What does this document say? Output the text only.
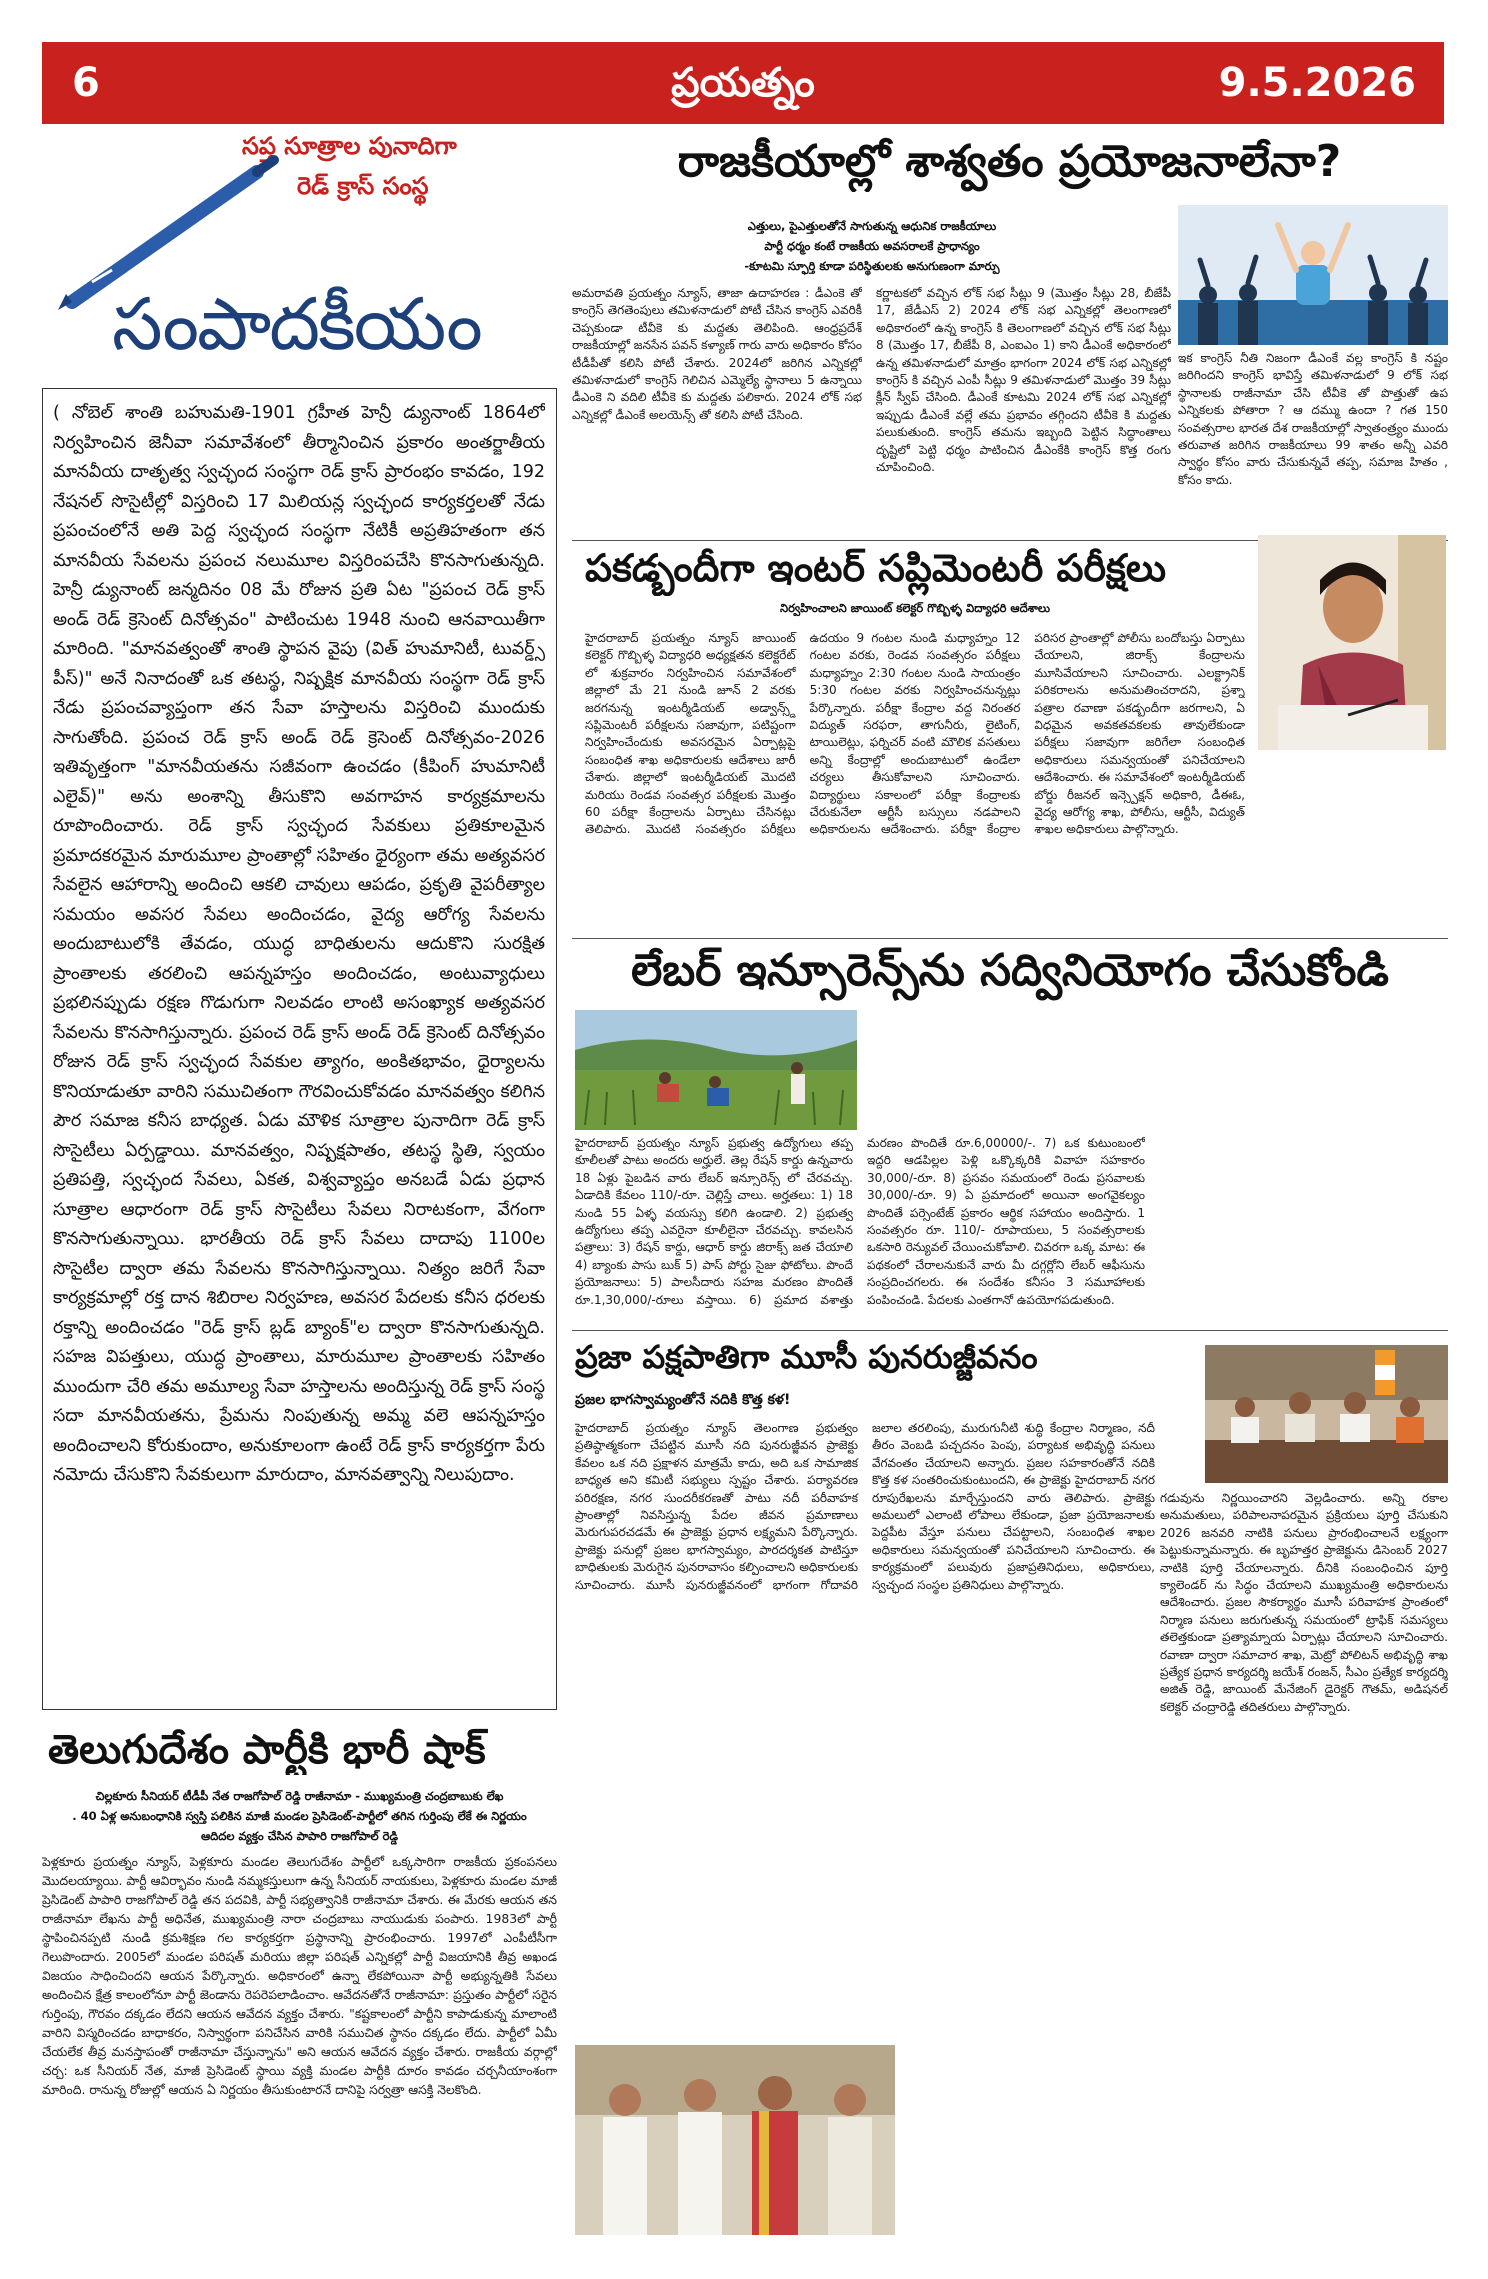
6	ప్రయత్నం	9.5.2026
సప్త సూత్రాల పునాదిగా
రెడ్ క్రాస్ సంస్థ
సంపాదకీయం
( నోబెల్ శాంతి బహుమతి-1901 గ్రహీత హెన్రీ డ్యునాంట్ 1864లో నిర్వహించిన జెనీవా సమావేశంలో తీర్మానించిన ప్రకారం అంతర్జాతీయ మానవీయ దాతృత్వ స్వచ్ఛంద సంస్థగా రెడ్ క్రాస్ ప్రారంభం కావడం, 192 నేషనల్ సొసైటీల్లో విస్తరించి 17 మిలియన్ల స్వచ్ఛంద కార్యకర్తలతో నేడు ప్రపంచంలోనే అతి పెద్ద స్వచ్ఛంద సంస్థగా నేటికీ అప్రతిహతంగా తన మానవీయ సేవలను ప్రపంచ నలుమూల విస్తరింపచేసి కొనసాగుతున్నది. హెన్రీ డ్యునాంట్ జన్మదినం 08 మే రోజున ప్రతి ఏట "ప్రపంచ రెడ్ క్రాస్ అండ్ రెడ్ క్రెసెంట్ దినోత్సవం" పాటించుట 1948 నుంచి ఆనవాయితీగా మారింది. "మానవత్వంతో శాంతి స్థాపన వైపు (విత్ హుమానిటీ, టువర్డ్స్ పీస్)" అనే నినాదంతో ఒక తటస్థ, నిష్పక్షిక మానవీయ సంస్థగా రెడ్ క్రాస్ నేడు ప్రపంచవ్యాప్తంగా తన సేవా హస్తాలను విస్తరించి ముందుకు సాగుతోంది. ప్రపంచ రెడ్ క్రాస్ అండ్ రెడ్ క్రెసెంట్ దినోత్సవం-2026 ఇతివృత్తంగా "మానవీయతను సజీవంగా ఉంచడం (కీపింగ్ హుమానిటీ ఎలైవ్)" అను అంశాన్ని తీసుకొని అవగాహన కార్యక్రమాలను రూపొందించారు. రెడ్ క్రాస్ స్వచ్ఛంద సేవకులు ప్రతికూలమైన ప్రమాదకరమైన మారుమూల ప్రాంతాల్లో సహితం ధైర్యంగా తమ అత్యవసర సేవలైన ఆహారాన్ని అందించి ఆకలి చావులు ఆపడం, ప్రకృతి వైపరీత్యాల సమయం అవసర సేవలు అందించడం, వైద్య ఆరోగ్య సేవలను అందుబాటులోకి తేవడం, యుద్ధ బాధితులను ఆదుకొని సురక్షిత ప్రాంతాలకు తరలించి ఆపన్నహస్తం అందించడం, అంటువ్యాధులు ప్రభలినప్పుడు రక్షణ గొడుగుగా నిలవడం లాంటి అసంఖ్యాక అత్యవసర సేవలను కొనసాగిస్తున్నారు. ప్రపంచ రెడ్ క్రాస్ అండ్ రెడ్ క్రెసెంట్ దినోత్సవం రోజున రెడ్ క్రాస్ స్వచ్ఛంద సేవకుల త్యాగం, అంకితభావం, ధైర్యాలను కొనియాడుతూ వారిని సముచితంగా గౌరవించుకోవడం మానవత్వం కలిగిన పౌర సమాజ కనీస బాధ్యత. ఏడు మౌళిక సూత్రాల పునాదిగా రెడ్ క్రాస్ సొసైటీలు ఏర్పడ్డాయి. మానవత్వం, నిష్పక్షపాతం, తటస్థ స్థితి, స్వయం ప్రతిపత్తి, స్వచ్ఛంద సేవలు, ఏకత, విశ్వవ్యాప్తం అనబడే ఏడు ప్రధాన సూత్రాల ఆధారంగా రెడ్ క్రాస్ సొసైటీలు సేవలు నిరాటకంగా, వేగంగా కొనసాగుతున్నాయి. భారతీయ రెడ్ క్రాస్ సేవలు దాదాపు 1100ల సొసైటీల ద్వారా తమ సేవలను కొనసాగిస్తున్నాయి. నిత్యం జరిగే సేవా కార్యక్రమాల్లో రక్త దాన శిబిరాల నిర్వహణ, అవసర పేదలకు కనీస ధరలకు రక్తాన్ని అందించడం "రెడ్ క్రాస్ బ్లడ్ బ్యాంక్"ల ద్వారా కొనసాగుతున్నది. సహజ విపత్తులు, యుద్ధ ప్రాంతాలు, మారుమూల ప్రాంతాలకు సహితం ముందుగా చేరి తమ అమూల్య సేవా హస్తాలను అందిస్తున్న రెడ్ క్రాస్ సంస్థ సదా మానవీయతను, ప్రేమను నింపుతున్న అమ్మ వలె ఆపన్నహస్తం అందించాలని కోరుకుందాం, అనుకూలంగా ఉంటే రెడ్ క్రాస్ కార్యకర్తగా పేరు నమోదు చేసుకొని సేవకులుగా మారుదాం, మానవత్వాన్ని నిలుపుదాం.
తెలుగుదేశం పార్టీకి భారీ షాక్
చిల్లకూరు సీనియర్ టీడీపీ నేత రాజగోపాల్ రెడ్డి రాజీనామా - ముఖ్యమంత్రి చంద్రబాబుకు లేఖ
. 40 ఏళ్ల అనుబంధానికి స్వస్తి పలికిన మాజీ మండల ప్రెసిడెంట్-పార్టీలో తగిన గుర్తింపు లేకే ఈ నిర్ణయం
ఆదిదల వ్యక్తం చేసిన పాపారి రాజగోపాల్ రెడ్డి
పెళ్లకూరు ప్రయత్నం న్యూస్, పెళ్లకూరు మండల తెలుగుదేశం పార్టీలో ఒక్కసారిగా రాజకీయ ప్రకంపనలు మొదలయ్యాయి. పార్టీ ఆవిర్భావం నుండి నమ్మకస్తులుగా ఉన్న సీనియర్ నాయకులు, పెళ్లకూరు మండల మాజీ ప్రెసిడెంట్ పాపారి రాజగోపాల్ రెడ్డి తన పదవికి, పార్టీ సభ్యత్వానికి రాజీనామా చేశారు. ఈ మేరకు ఆయన తన రాజీనామా లేఖను పార్టీ అధినేత, ముఖ్యమంత్రి నారా చంద్రబాబు నాయుడుకు పంపారు. 1983లో పార్టీ స్థాపించినప్పటి నుండి క్రమశిక్షణ గల కార్యకర్తగా ప్రస్థానాన్ని ప్రారంభించారు. 1997లో ఎంపీటీసీగా గెలుపొందారు. 2005లో మండల పరిషత్ మరియు జిల్లా పరిషత్ ఎన్నికల్లో పార్టీ విజయానికి తీవ్ర అఖండ విజయం సాధించిందని ఆయన పేర్కొన్నారు. అధికారంలో ఉన్నా లేకపోయినా పార్టీ అభ్యున్నతికి సేవలు అందించిన క్షేత్ర కాలంలోనూ పార్టీ జెండాను రెపరెపలాడించాం. ఆవేదనతోనే రాజీనామా: ప్రస్తుతం పార్టీలో సరైన గుర్తింపు, గౌరవం దక్కడం లేదని ఆయన ఆవేదన వ్యక్తం చేశారు. "కష్టకాలంలో పార్టీని కాపాడుకున్న మాలాంటి వారిని విస్మరించడం బాధాకరం, నిస్వార్థంగా పనిచేసిన వారికి సముచిత స్థానం దక్కడం లేదు. పార్టీలో ఏమీ చేయలేక తీవ్ర మనస్తాపంతో రాజీనామా చేస్తున్నాను" అని ఆయన ఆవేదన వ్యక్తం చేశారు. రాజకీయ వర్గాల్లో చర్చ: ఒక సీనియర్ నేత, మాజీ ప్రెసిడెంట్ స్థాయి వ్యక్తి మండల పార్టీకి దూరం కావడం చర్చనీయాంశంగా మారింది. రానున్న రోజుల్లో ఆయన ఏ నిర్ణయం తీసుకుంటారనే దానిపై సర్వత్రా ఆసక్తి నెలకొంది.
రాజకీయాల్లో శాశ్వతం ప్రయోజనాలేనా?
ఎత్తులు, పైఎత్తులతోనే సాగుతున్న ఆధునిక రాజకీయాలు
పార్టీ ధర్మం కంటే రాజకీయ అవసరాలకే ప్రాధాన్యం
-కూటమి స్ఫూర్తి కూడా పరిస్థితులకు అనుగుణంగా మార్పు
అమరావతి ప్రయత్నం న్యూస్, తాజా ఉదాహరణ : డీఎంకె తో కాంగ్రెస్ తెగతెంపులు తమిళనాడులో పోటీ చేసిన కాంగ్రెస్ ఎవరికీ చెప్పకుండా టీవీకె కు మద్దతు తెలిపింది. ఆంధ్రప్రదేశ్ రాజకీయాల్లో జనసేన పవన్ కళ్యాణ్ గారు వారు అధికారం కోసం టీడీపీతో కలిసి పోటీ చేశారు. 2024లో జరిగిన ఎన్నికల్లో తమిళనాడులో కాంగ్రెస్ గెలిచిన ఎమ్మెల్యే స్థానాలు 5 ఉన్నాయి డీఎంకె ని వదిలి టీవీకె కు మద్దతు పలికారు. 2024 లోక్ సభ ఎన్నికల్లో డీఎంకే అలయెన్స్ తో కలిసి పోటీ చేసింది.
కర్ణాటకలో వచ్చిన లోక్ సభ సీట్లు 9 (మొత్తం సీట్లు 28, బీజేపీ 17, జేడీఎస్ 2) 2024 లోక్ సభ ఎన్నికల్లో తెలంగాణలో అధికారంలో ఉన్న కాంగ్రెస్ కి తెలంగాణలో వచ్చిన లోక్ సభ సీట్లు 8 (మొత్తం 17, బీజేపీ 8, ఎంఐఎం 1) కాని డీఎంకే అధికారంలో ఉన్న తమిళనాడులో మాత్రం భాగంగా 2024 లోక్ సభ ఎన్నికల్లో కాంగ్రెస్ కి వచ్చిన ఎంపీ సీట్లు 9 తమిళనాడులో మొత్తం 39 సీట్లు క్లీన్ స్వీప్ చేసింది. డీఎంకే కూటమి 2024 లోక్ సభ ఎన్నికల్లో ఇప్పుడు డీఎంకే వల్లే తమ ప్రభావం తగ్గిందని టీవీకె కి మద్దతు పలుకుతుంది. కాంగ్రెస్ తమను ఇబ్బంది పెట్టిన సిద్ధాంతాలు దృష్టిలో పెట్టి ధర్మం పాటించిన డీఎంకేకి కాంగ్రెస్ కొత్త రంగు చూపించింది.
ఇక కాంగ్రెస్ నీతి నిజంగా డీఎంకే వల్ల కాంగ్రెస్ కి నష్టం జరిగిందని కాంగ్రెస్ భావిస్తే తమిళనాడులో 9 లోక్ సభ స్థానాలకు రాజీనామా చేసి టీవీకె తో పొత్తుతో ఉప ఎన్నికలకు పోతారా ? ఆ దమ్ము ఉందా ? గత 150 సంవత్సరాల భారత దేశ రాజకీయాల్లో స్వాతంత్ర్యం ముందు తరువాత జరిగిన రాజకీయాలు 99 శాతం అన్నీ ఎవరి స్వార్థం కోసం వారు చేసుకున్నవే తప్ప, సమాజ హితం , కోసం కాదు.
పకడ్బందీగా ఇంటర్ సప్లిమెంటరీ పరీక్షలు
నిర్వహించాలని జాయింట్ కలెక్టర్ గొబ్బిళ్ళ విద్యాధరి ఆదేశాలు
హైదరాబాద్ ప్రయత్నం న్యూస్ జాయింట్ కలెక్టర్ గొబ్బిళ్ళ విద్యాధరి అధ్యక్షతన కలెక్టరేట్ లో శుక్రవారం నిర్వహించిన సమావేశంలో జిల్లాలో మే 21 నుండి జూన్ 2 వరకు జరగనున్న ఇంటర్మీడియట్ అడ్వాన్స్డ్ సప్లిమెంటరీ పరీక్షలను సజావుగా, పటిష్టంగా నిర్వహించేందుకు అవసరమైన ఏర్పాట్లపై సంబంధిత శాఖ అధికారులకు ఆదేశాలు జారీ చేశారు. జిల్లాలో ఇంటర్మీడియట్ మొదటి మరియు రెండవ సంవత్సర పరీక్షలకు మొత్తం 60 పరీక్షా కేంద్రాలను ఏర్పాటు చేసినట్లు తెలిపారు. మొదటి సంవత్సరం పరీక్షలు ఉదయం 9 గంటల నుండి మధ్యాహ్నం 12 గంటల వరకు, రెండవ సంవత్సరం పరీక్షలు మధ్యాహ్నం 2:30 గంటల నుండి సాయంత్రం 5:30 గంటల వరకు నిర్వహించనున్నట్లు పేర్కొన్నారు. పరీక్షా కేంద్రాల వద్ద నిరంతర విద్యుత్ సరఫరా, తాగునీరు, లైటింగ్, టాయిలెట్లు, ఫర్నిచర్ వంటి మౌలిక వసతులు అన్ని కేంద్రాల్లో అందుబాటులో ఉండేలా చర్యలు తీసుకోవాలని సూచించారు. విద్యార్థులు సకాలంలో పరీక్షా కేంద్రాలకు చేరుకునేలా ఆర్టీసీ బస్సులు నడపాలని అధికారులను ఆదేశించారు. పరీక్షా కేంద్రాల పరిసర ప్రాంతాల్లో పోలీసు బందోబస్తు ఏర్పాటు చేయాలని, జిరాక్స్ కేంద్రాలను మూసివేయాలని సూచించారు. ఎలక్ట్రానిక్ పరికరాలను అనుమతించరాదని, ప్రశ్నా పత్రాల రవాణా పకడ్బందీగా జరగాలని, ఏ విధమైన అవకతవకలకు తావులేకుండా పరీక్షలు సజావుగా జరిగేలా సంబంధిత అధికారులు సమన్వయంతో పనిచేయాలని ఆదేశించారు. ఈ సమావేశంలో ఇంటర్మీడియట్ బోర్డు రీజనల్ ఇన్స్పెక్షన్ అధికారి, డీఈఓ, వైద్య ఆరోగ్య శాఖ, పోలీసు, ఆర్టీసీ, విద్యుత్ శాఖల అధికారులు పాల్గొన్నారు.
లేబర్ ఇన్సూరెన్స్‌ను సద్వినియోగం చేసుకోండి
హైదరాబాద్ ప్రయత్నం న్యూస్ ప్రభుత్వ ఉద్యోగులు తప్ప కూలీలతో పాటు అందరు అర్హులే. తెల్ల రేషన్ కార్డు ఉన్నవారు 18 ఏళ్లు పైబడిన వారు లేబర్ ఇన్సూరెన్స్ లో చేరవచ్చు. ఏడాదికి కేవలం 110/-రూ. చెల్లిస్తే చాలు. అర్హతలు: 1) 18 నుండి 55 ఏళ్ళ వయస్సు కలిగి ఉండాలి. 2) ప్రభుత్వ ఉద్యోగులు తప్ప ఎవరైనా కూలీలైనా చేరవచ్చు. కావలసిన పత్రాలు: 3) రేషన్ కార్డు, ఆధార్ కార్డు జిరాక్స్ జత చేయాలి 4) బ్యాంకు పాసు బుక్ 5) పాస్ పోర్టు సైజు ఫోటోలు. పొందే ప్రయోజనాలు: 5) పాలసీదారు సహజ మరణం పొందితే రూ.1,30,000/-రూలు వస్తాయి. 6) ప్రమాద వశాత్తు మరణం పొందితే రూ.6,00000/-. 7) ఒక కుటుంబంలో ఇద్దరి ఆడపిల్లల పెళ్లి ఒక్కొక్కరికి వివాహ సహకారం 30,000/-రూ. 8) ప్రసవం సమయంలో రెండు ప్రసవాలకు 30,000/-రూ. 9) ఏ ప్రమాదంలో అయినా అంగవైకల్యం పొందితే పర్సెంటేజ్ ప్రకారం ఆర్థిక సహాయం అందిస్తారు. 1 సంవత్సరం రూ. 110/- రూపాయలు, 5 సంవత్సరాలకు ఒకసారి రెన్యువల్ చేయించుకోవాలి. చివరగా ఒక్క మాట: ఈ పథకంలో చేరాలనుకునే వారు మీ దగ్గర్లోని లేబర్ ఆఫీసును సంప్రదించగలరు. ఈ సందేశం కనీసం 3 సమూహాలకు పంపించండి. పేదలకు ఎంతగానో ఉపయోగపడుతుంది.
ప్రజా పక్షపాతిగా మూసీ పునరుజ్జీవనం
ప్రజల భాగస్వామ్యంతోనే నదికి కొత్త కళ!
హైదరాబాద్ ప్రయత్నం న్యూస్ తెలంగాణ ప్రభుత్వం ప్రతిష్ఠాత్మకంగా చేపట్టిన మూసీ నది పునరుజ్జీవన ప్రాజెక్టు కేవలం ఒక నది ప్రక్షాళన మాత్రమే కాదు, అది ఒక సామాజిక బాధ్యత అని కమిటీ సభ్యులు స్పష్టం చేశారు. పర్యావరణ పరిరక్షణ, నగర సుందరీకరణతో పాటు నదీ పరీవాహక ప్రాంతాల్లో నివసిస్తున్న పేదల జీవన ప్రమాణాలు మెరుగుపరచడమే ఈ ప్రాజెక్టు ప్రధాన లక్ష్యమని పేర్కొన్నారు. ప్రాజెక్టు పనుల్లో ప్రజల భాగస్వామ్యం, పారదర్శకత పాటిస్తూ బాధితులకు మెరుగైన పునరావాసం కల్పించాలని అధికారులకు సూచించారు. మూసీ పునరుజ్జీవనంలో భాగంగా గోదావరి జలాల తరలింపు, మురుగునీటి శుద్ధి కేంద్రాల నిర్మాణం, నదీ తీరం వెంబడి పచ్చదనం పెంపు, పర్యాటక అభివృద్ధి పనులు వేగవంతం చేయాలని అన్నారు. ప్రజల సహకారంతోనే నదికి కొత్త కళ సంతరించుకుంటుందని, ఈ ప్రాజెక్టు హైదరాబాద్ నగర రూపురేఖలను మార్చేస్తుందని వారు తెలిపారు. ప్రాజెక్టు అమలులో ఎలాంటి లోపాలు లేకుండా, ప్రజా ప్రయోజనాలకు పెద్దపీట వేస్తూ పనులు చేపట్టాలని, సంబంధిత శాఖల అధికారులు సమన్వయంతో పనిచేయాలని సూచించారు. ఈ కార్యక్రమంలో పలువురు ప్రజాప్రతినిధులు, అధికారులు, స్వచ్ఛంద సంస్థల ప్రతినిధులు పాల్గొన్నారు.
గడువును నిర్ణయించారని వెల్లడించారు. అన్ని రకాల అనుమతులు, పరిపాలనాపరమైన ప్రక్రియలు పూర్తి చేసుకుని 2026 జనవరి నాటికి పనులు ప్రారంభించాలనే లక్ష్యంగా పెట్టుకున్నామన్నారు. ఈ బృహత్తర ప్రాజెక్టును డిసెంబర్ 2027 నాటికి పూర్తి చేయాలన్నారు. దీనికి సంబంధించిన పూర్తి క్యాలెండర్ ను సిద్ధం చేయాలని ముఖ్యమంత్రి అధికారులను ఆదేశించారు. ప్రజల సౌకర్యార్థం మూసీ పరివాహక ప్రాంతంలో నిర్మాణ పనులు జరుగుతున్న సమయంలో ట్రాఫిక్ సమస్యలు తలెత్తకుండా ప్రత్యామ్నాయ ఏర్పాట్లు చేయాలని సూచించారు. రవాణా ద్వారా సమాచార శాఖ, మెట్రో పోలిటన్ అభివృద్ధి శాఖ ప్రత్యేక ప్రధాన కార్యదర్శి జయేశ్ రంజన్, సీఎం ప్రత్యేక కార్యదర్శి అజిత్ రెడ్డి, జాయింట్ మేనేజింగ్ డైరెక్టర్ గౌతమ్, అడిషనల్ కలెక్టర్ చంద్రారెడ్డి తదితరులు పాల్గొన్నారు.
